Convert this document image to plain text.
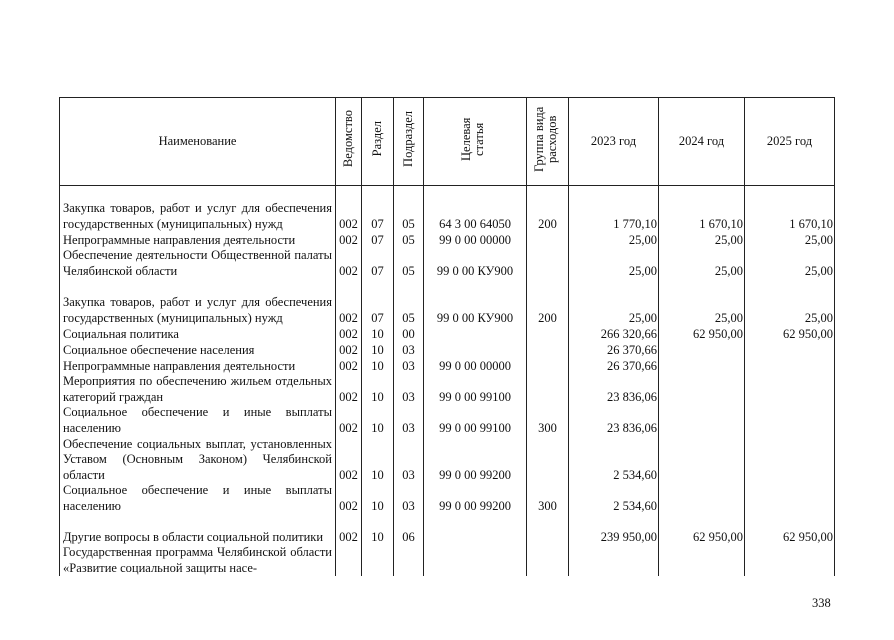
Наименование	Ведомство	Раздел	Подраздел	Целевая статья	Группа вида расходов	2023 год	2024 год	2025 год
Закупка товаров, работ и услуг для обеспечения государственных (муниципальных) нужд	002	07	05	64 3 00 64050	200	1 770,10	1 670,10	1 670,10
Непрограммные направления деятельности	002	07	05	99 0 00 00000		25,00	25,00	25,00
Обеспечение деятельности Общественной палаты Челябинской области	002	07	05	99 0 00 КУ900		25,00	25,00	25,00
Закупка товаров, работ и услуг для обеспечения государственных (муниципальных) нужд	002	07	05	99 0 00 КУ900	200	25,00	25,00	25,00
Социальная политика	002	10	00			266 320,66	62 950,00	62 950,00
Социальное обеспечение населения	002	10	03			26 370,66		
Непрограммные направления деятельности	002	10	03	99 0 00 00000		26 370,66		
Мероприятия по обеспечению жильем отдельных категорий граждан	002	10	03	99 0 00 99100		23 836,06		
Социальное обеспечение и иные выплаты населению	002	10	03	99 0 00 99100	300	23 836,06		
Обеспечение социальных выплат, установленных Уставом (Основным Законом) Челябинской области	002	10	03	99 0 00 99200		2 534,60		
Социальное обеспечение и иные выплаты населению	002	10	03	99 0 00 99200	300	2 534,60		
Другие вопросы в области социальной политики	002	10	06			239 950,00	62 950,00	62 950,00
Государственная программа Челябинской области «Развитие социальной защиты насе-								
338
